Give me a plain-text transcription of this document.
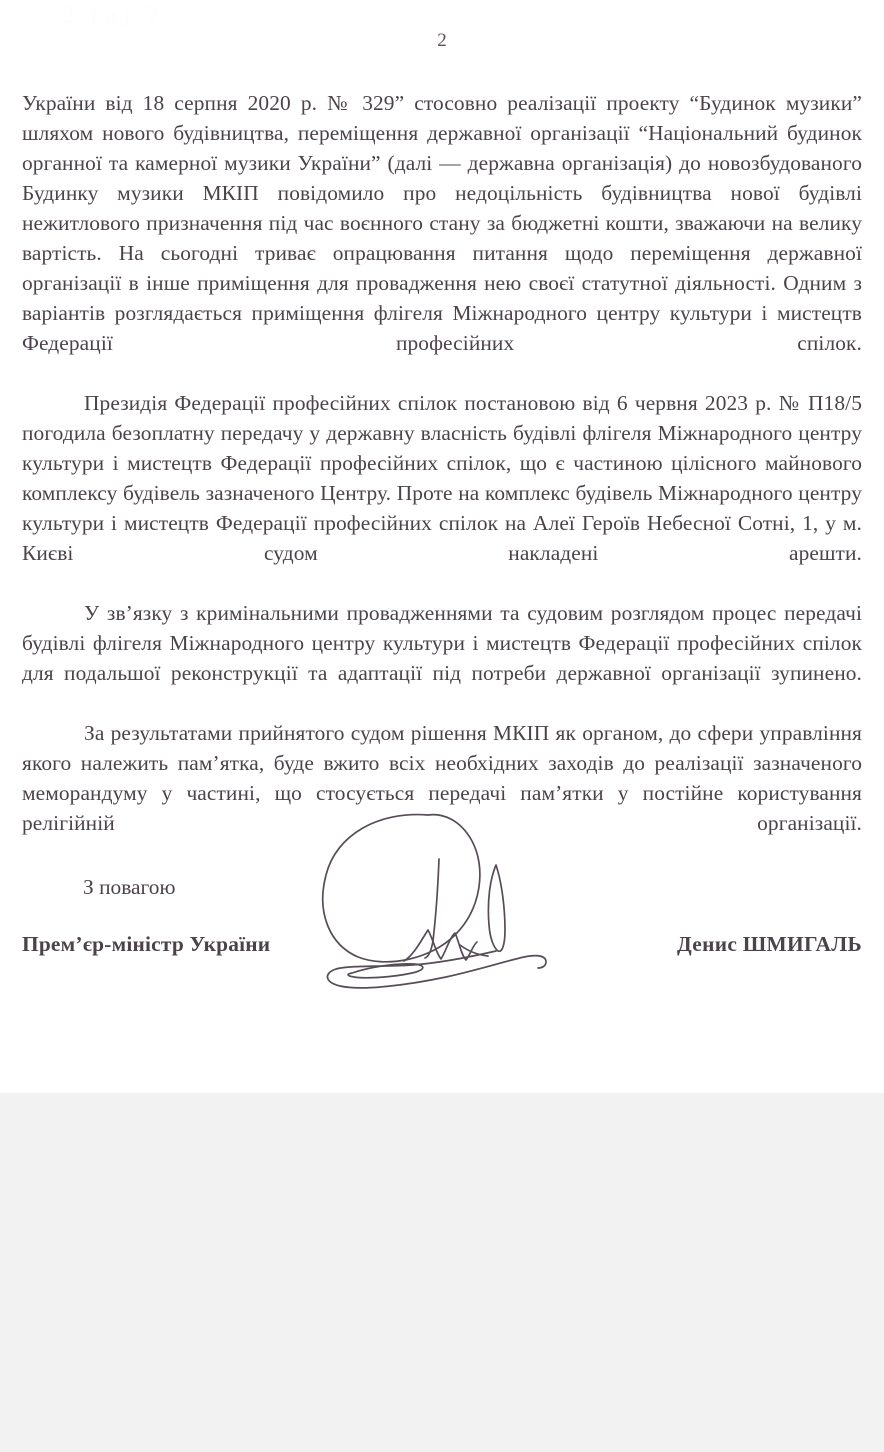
2 (a) 2
2

України від 18 серпня 2020 р. № 329” стосовно реалізації проекту “Будинок музики” шляхом нового будівництва, переміщення державної організації “Національний будинок органної та камерної музики України” (далі — державна організація) до новозбудованого Будинку музики МКІП повідомило про недоцільність будівництва нової будівлі нежитлового призначення під час воєнного стану за бюджетні кошти, зважаючи на велику вартість. На сьогодні триває опрацювання питання щодо переміщення державної організації в інше приміщення для провадження нею своєї статутної діяльності. Одним з варіантів розглядається приміщення флігеля Міжнародного центру культури і мистецтв Федерації професійних спілок.

Президія Федерації професійних спілок постановою від 6 червня 2023 р. № П18/5 погодила безоплатну передачу у державну власність будівлі флігеля Міжнародного центру культури і мистецтв Федерації професійних спілок, що є частиною цілісного майнового комплексу будівель зазначеного Центру. Проте на комплекс будівель Міжнародного центру культури і мистецтв Федерації професійних спілок на Алеї Героїв Небесної Сотні, 1, у м. Києві судом накладені арешти.

У зв’язку з кримінальними провадженнями та судовим розглядом процес передачі будівлі флігеля Міжнародного центру культури і мистецтв Федерації професійних спілок для подальшої реконструкції та адаптації під потреби державної організації зупинено.

За результатами прийнятого судом рішення МКІП як органом, до сфери управління якого належить пам’ятка, буде вжито всіх необхідних заходів до реалізації зазначеного меморандуму у частині, що стосується передачі пам’ятки у постійне користування релігійній організації.

З повагою
Прем’єр-міністр України	Денис ШМИГАЛЬ
